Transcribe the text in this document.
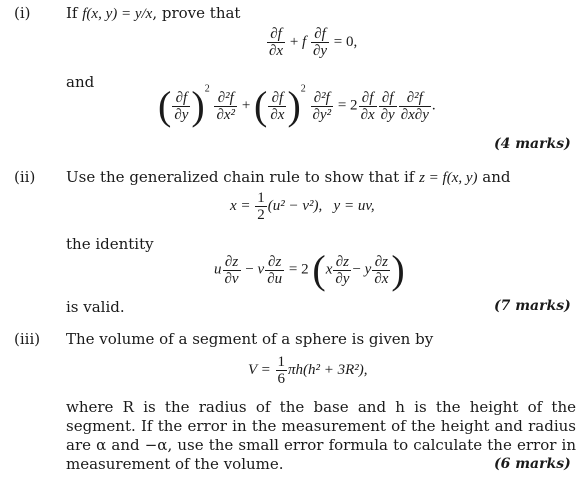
(i) If f(x, y) = y/x, prove that
$\frac{\partial f}{\partial x} + f \frac{\partial f}{\partial y} = 0$,
and
( $\frac{\partial f}{\partial y} )^2$
$\frac{\text{∂²f}}{\text{∂x²}}$ + ( $\frac{\partial f}{\partial x} )^2$
$\frac{\text{∂²f}}{\text{∂y²}} = 2 \frac{\partial f}{\partial x} \frac{\partial f}{\partial y} \frac{\text{∂²f}}{\partial x\partial y}$ .
(4 marks)
(ii) Use the generalized chain rule to show that if z = f(x, y) and
$x = \frac{1}{2} (u^2 - v^2)$, y = uv,
the identity
u $\frac{\partial z}{\partial v} - v \frac{\partial z}{\partial u} = 2$ ($x \frac{\partial z}{\partial y} - y \frac{\partial z}{\partial x}$ )
is valid.	(7 marks)
(iii) The volume of a segment of a sphere is given by
$V = \frac{1}{6} \pi h(h^2 + 3R^2)$,
where R is the radius of the base and h is the height of the segment. If the error in the measurement of the height and radius are α and −α, use the small error formula to calculate the error in measurement of the volume.	(6 marks)
